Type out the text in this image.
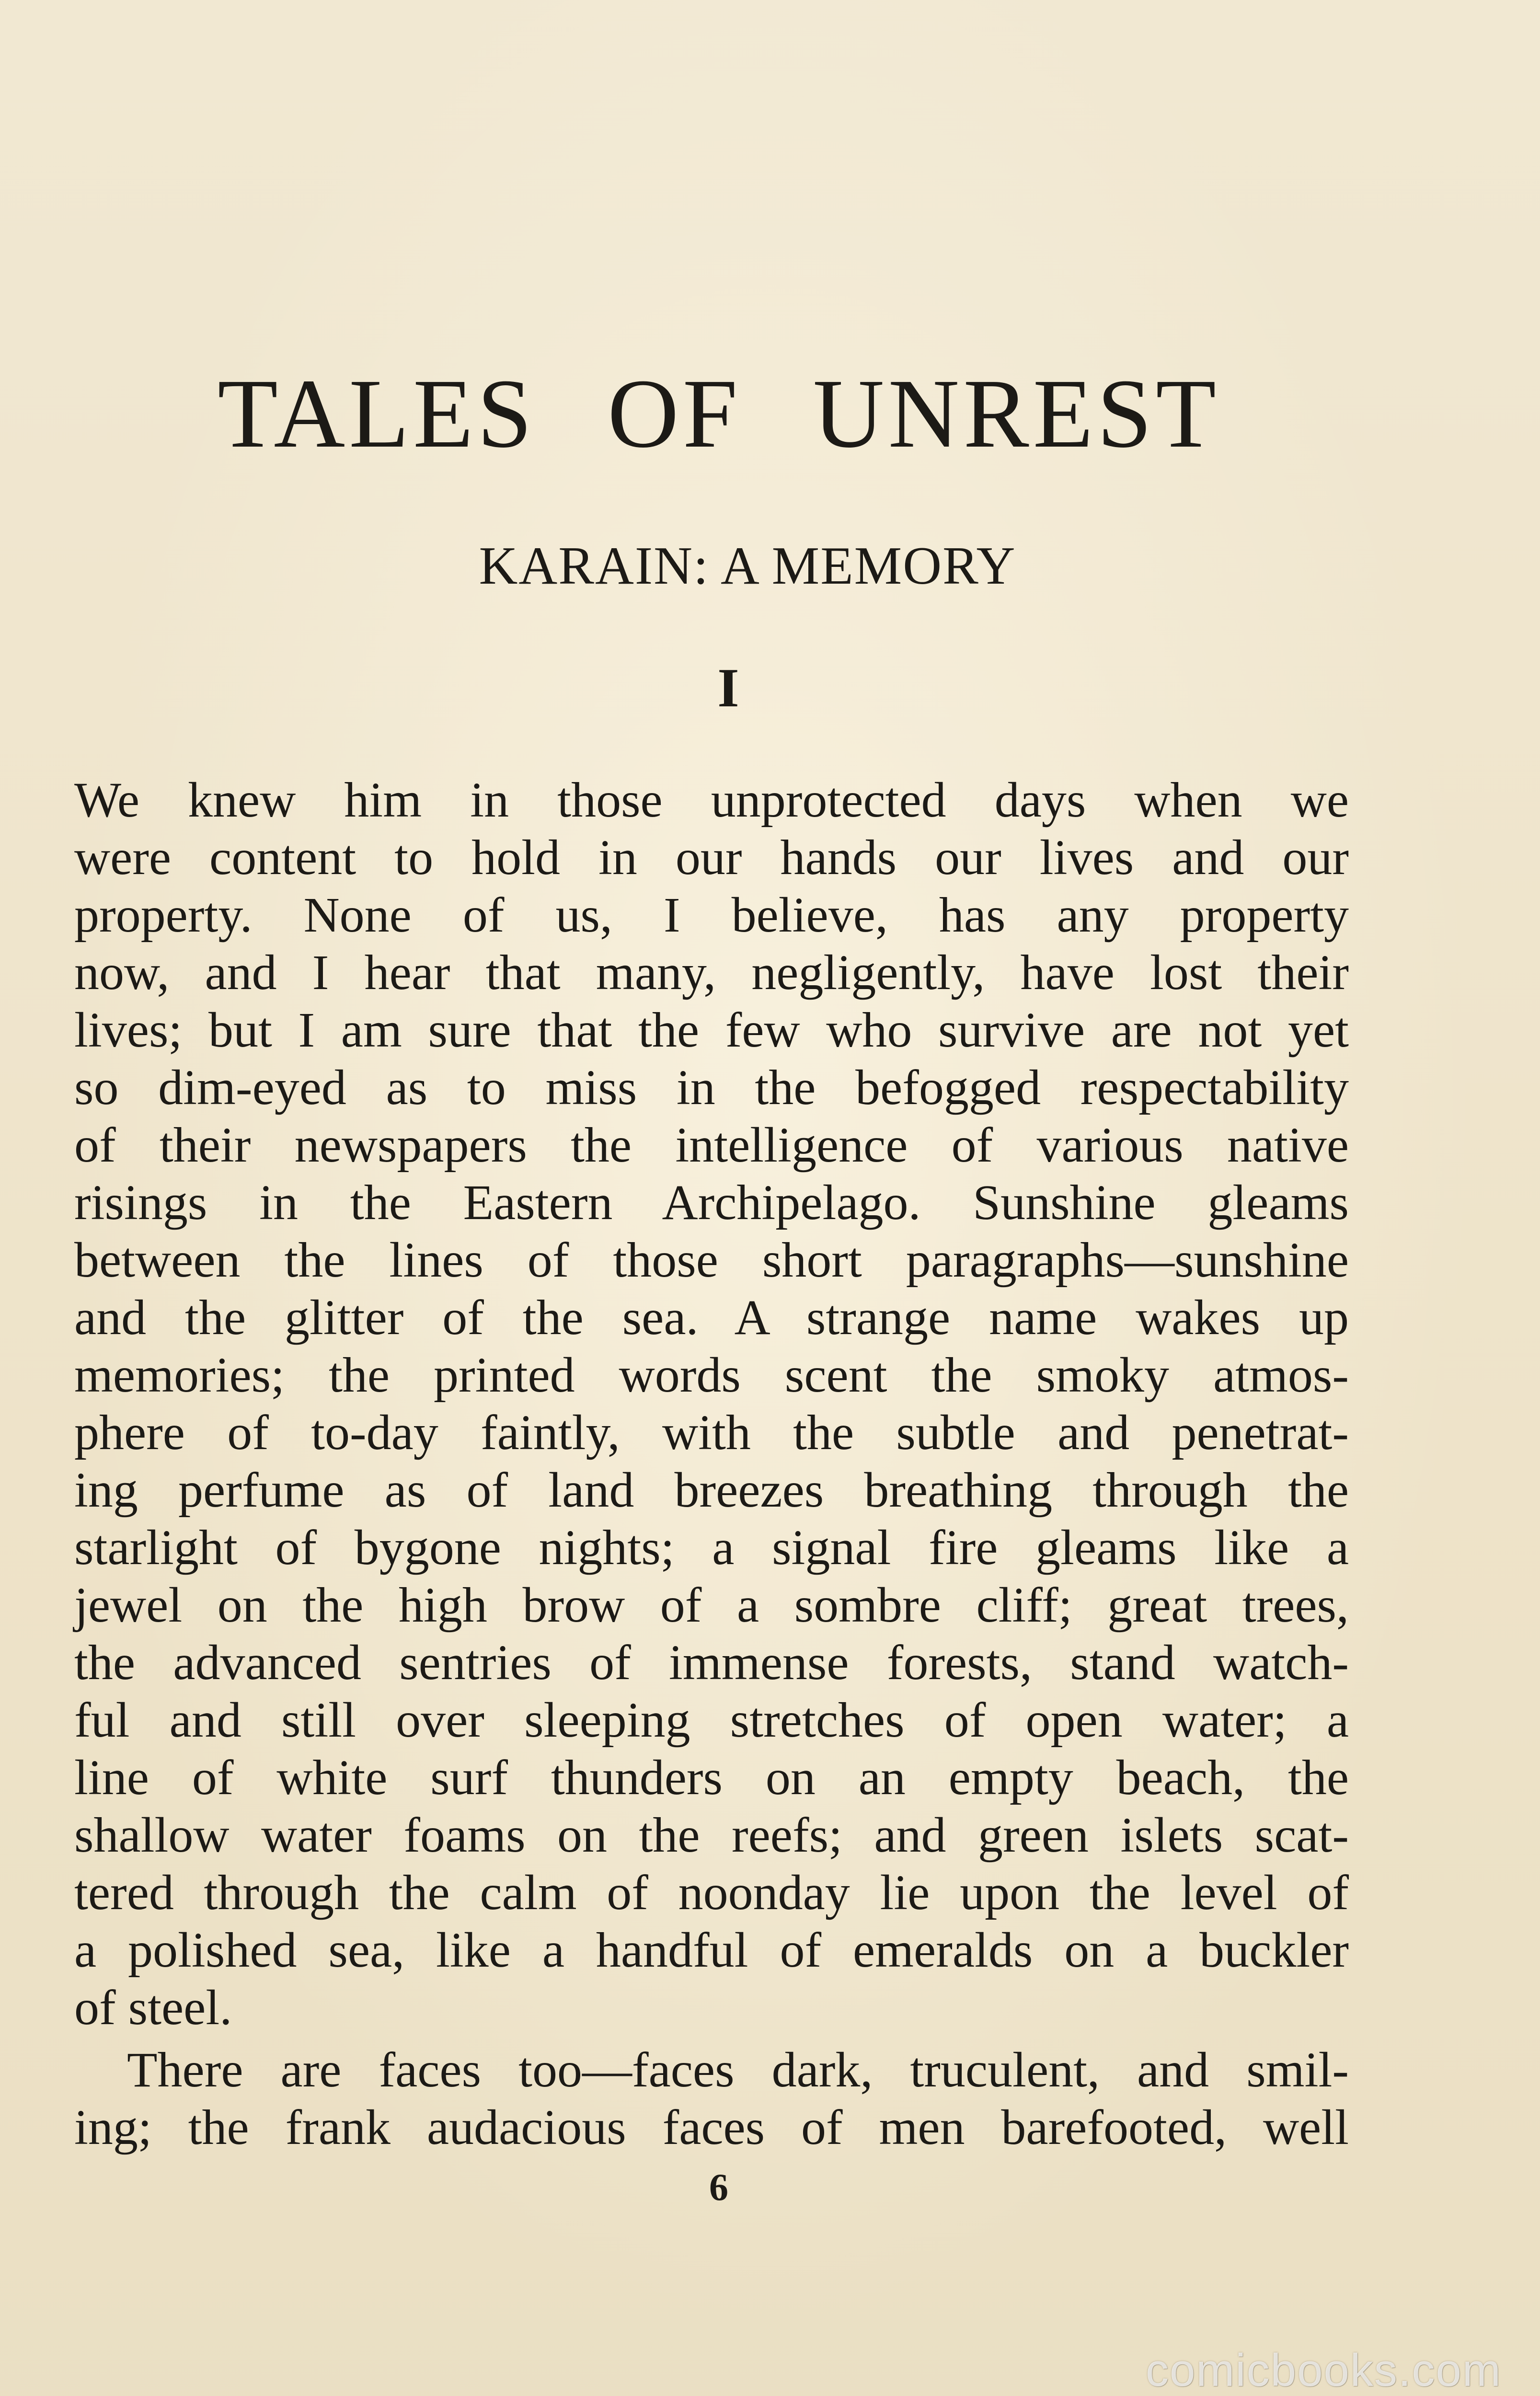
TALES OF UNREST
KARAIN: A MEMORY
I
We knew him in those unprotected days when we
were content to hold in our hands our lives and our
property. None of us, I believe, has any property
now, and I hear that many, negligently, have lost their
lives; but I am sure that the few who survive are not yet
so dim-eyed as to miss in the befogged respectability
of their newspapers the intelligence of various native
risings in the Eastern Archipelago. Sunshine gleams
between the lines of those short paragraphs—sunshine
and the glitter of the sea. A strange name wakes up
memories; the printed words scent the smoky atmos-
phere of to-day faintly, with the subtle and penetrat-
ing perfume as of land breezes breathing through the
starlight of bygone nights; a signal fire gleams like a
jewel on the high brow of a sombre cliff; great trees,
the advanced sentries of immense forests, stand watch-
ful and still over sleeping stretches of open water; a
line of white surf thunders on an empty beach, the
shallow water foams on the reefs; and green islets scat-
tered through the calm of noonday lie upon the level of
a polished sea, like a handful of emeralds on a buckler
of steel.
There are faces too—faces dark, truculent, and smil-
ing; the frank audacious faces of men barefooted, well
6
comicbooks.com
